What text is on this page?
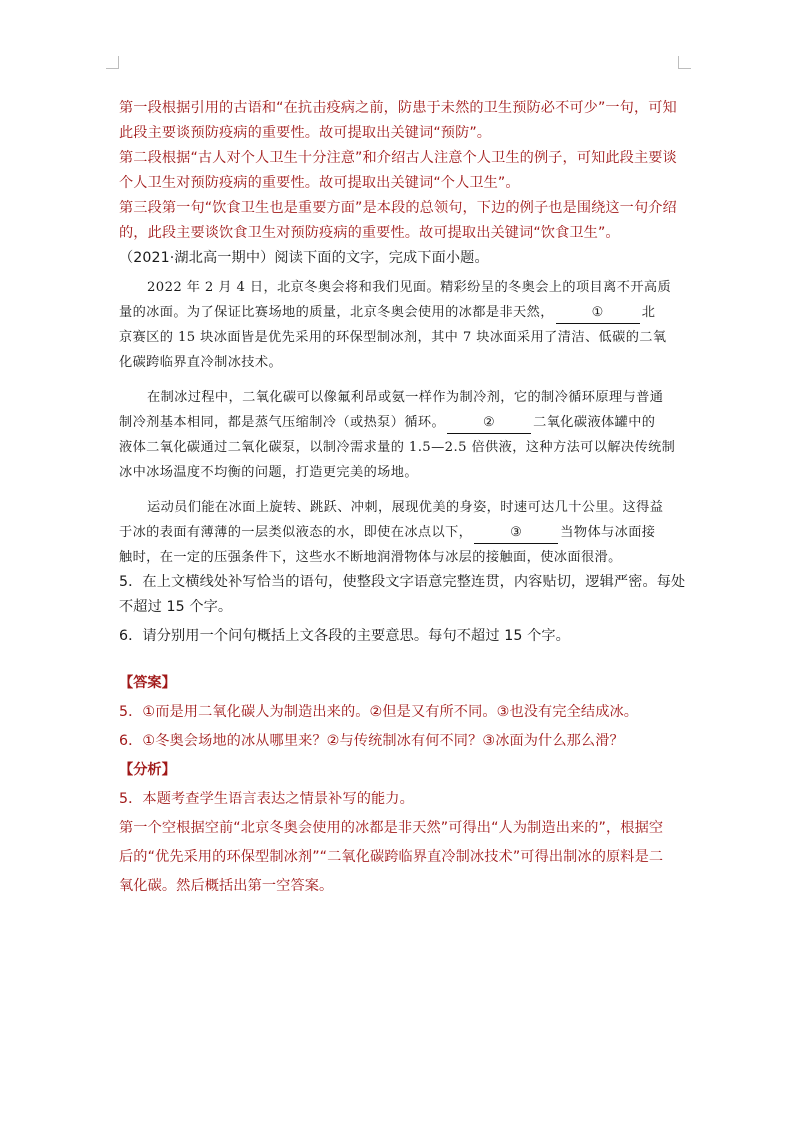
第一段根据引用的古语和“在抗击疫病之前，防患于未然的卫生预防必不可少”一句，可知
此段主要谈预防疫病的重要性。故可提取出关键词“预防”。
第二段根据“古人对个人卫生十分注意”和介绍古人注意个人卫生的例子，可知此段主要谈
个人卫生对预防疫病的重要性。故可提取出关键词“个人卫生”。
第三段第一句“饮食卫生也是重要方面”是本段的总领句，下边的例子也是围绕这一句介绍
的，此段主要谈饮食卫生对预防疫病的重要性。故可提取出关键词“饮食卫生”。
（2021·湖北高一期中）阅读下面的文字，完成下面小题。
2022 年 2 月 4 日，北京冬奥会将和我们见面。精彩纷呈的冬奥会上的项目离不开高质
量的冰面。为了保证比赛场地的质量，北京冬奥会使用的冰都是非天然，	①	北
京赛区的 15 块冰面皆是优先采用的环保型制冰剂，其中 7 块冰面采用了清洁、低碳的二氧
化碳跨临界直冷制冰技术。
在制冰过程中，二氧化碳可以像氟利昂或氨一样作为制冷剂，它的制冷循环原理与普通
制冷剂基本相同，都是蒸气压缩制冷（或热泵）循环。	②	二氧化碳液体罐中的
液体二氧化碳通过二氧化碳泵，以制冷需求量的 1.5—2.5 倍供液，这种方法可以解决传统制
冰中冰场温度不均衡的问题，打造更完美的场地。
运动员们能在冰面上旋转、跳跃、冲刺，展现优美的身姿，时速可达几十公里。这得益
于冰的表面有薄薄的一层类似液态的水，即使在冰点以下，	③	当物体与冰面接
触时，在一定的压强条件下，这些水不断地润滑物体与冰层的接触面，使冰面很滑。
5．在上文横线处补写恰当的语句，使整段文字语意完整连贯，内容贴切，逻辑严密。每处
不超过 15 个字。
6．请分别用一个问句概括上文各段的主要意思。每句不超过 15 个字。
【答案】
5．①而是用二氧化碳人为制造出来的。②但是又有所不同。③也没有完全结成冰。
6．①冬奥会场地的冰从哪里来？②与传统制冰有何不同？③冰面为什么那么滑？
【分析】
5．本题考查学生语言表达之情景补写的能力。
第一个空根据空前“北京冬奥会使用的冰都是非天然”可得出“人为制造出来的”，根据空
后的“优先采用的环保型制冰剂”“二氧化碳跨临界直冷制冰技术”可得出制冰的原料是二
氧化碳。然后概括出第一空答案。
